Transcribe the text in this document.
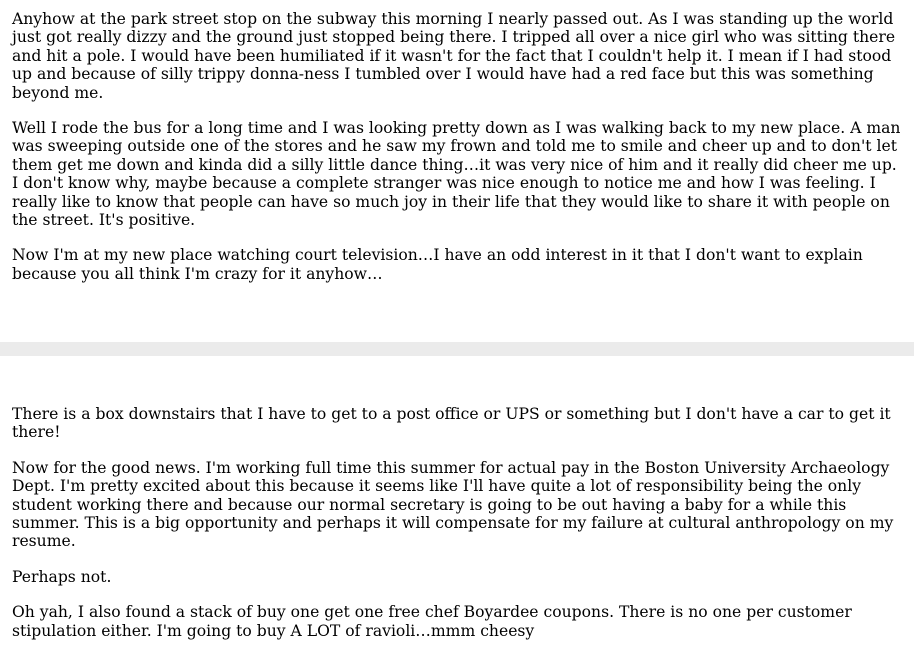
Anyhow at the park street stop on the subway this morning I nearly passed out. As I was standing up the world just got really dizzy and the ground just stopped being there. I tripped all over a nice girl who was sitting there and hit a pole. I would have been humiliated if it wasn't for the fact that I couldn't help it. I mean if I had stood up and because of silly trippy donna-ness I tumbled over I would have had a red face but this was something beyond me.

Well I rode the bus for a long time and I was looking pretty down as I was walking back to my new place. A man was sweeping outside one of the stores and he saw my frown and told me to smile and cheer up and to don't let them get me down and kinda did a silly little dance thing…it was very nice of him and it really did cheer me up. I don't know why, maybe because a complete stranger was nice enough to notice me and how I was feeling. I really like to know that people can have so much joy in their life that they would like to share it with people on the street. It's positive.

Now I'm at my new place watching court television…I have an odd interest in it that I don't want to explain because you all think I'm crazy for it anyhow…

There is a box downstairs that I have to get to a post office or UPS or something but I don't have a car to get it there!

Now for the good news. I'm working full time this summer for actual pay in the Boston University Archaeology Dept. I'm pretty excited about this because it seems like I'll have quite a lot of responsibility being the only student working there and because our normal secretary is going to be out having a baby for a while this summer. This is a big opportunity and perhaps it will compensate for my failure at cultural anthropology on my resume.

Perhaps not.

Oh yah, I also found a stack of buy one get one free chef Boyardee coupons. There is no one per customer stipulation either. I'm going to buy A LOT of ravioli…mmm cheesy
